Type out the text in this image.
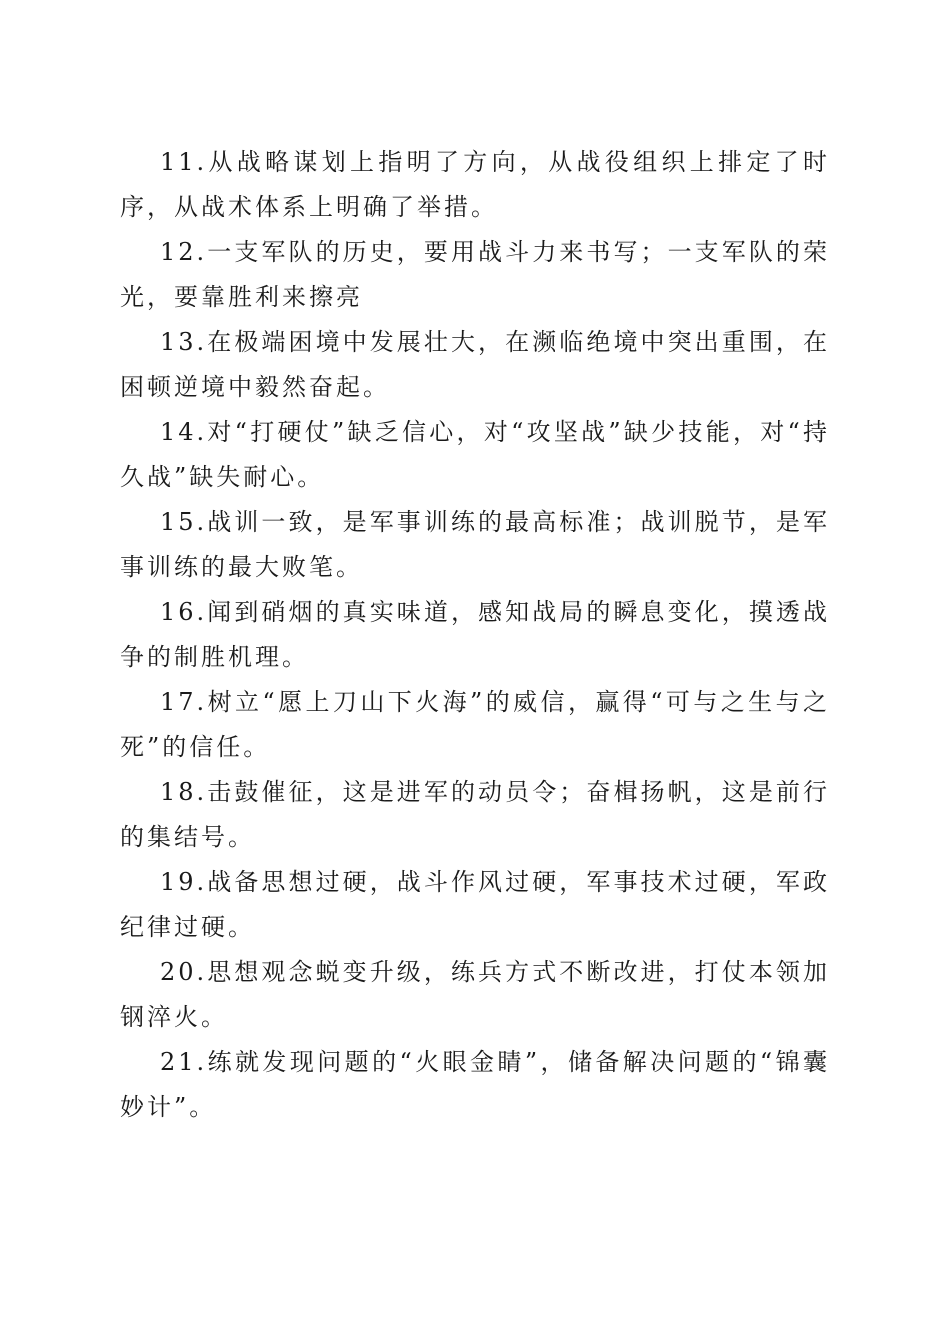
11.从战略谋划上指明了方向，从战役组织上排定了时序，从战术体系上明确了举措。

12.一支军队的历史，要用战斗力来书写；一支军队的荣光，要靠胜利来擦亮

13.在极端困境中发展壮大，在濒临绝境中突出重围，在困顿逆境中毅然奋起。

14.对“打硬仗”缺乏信心，对“攻坚战”缺少技能，对“持久战”缺失耐心。

15.战训一致，是军事训练的最高标准；战训脱节，是军事训练的最大败笔。

16.闻到硝烟的真实味道，感知战局的瞬息变化，摸透战争的制胜机理。

17.树立“愿上刀山下火海”的威信，赢得“可与之生与之死”的信任。

18.击鼓催征，这是进军的动员令；奋楫扬帆，这是前行的集结号。

19.战备思想过硬，战斗作风过硬，军事技术过硬，军政纪律过硬。

20.思想观念蜕变升级，练兵方式不断改进，打仗本领加钢淬火。

21.练就发现问题的“火眼金睛”，储备解决问题的“锦囊妙计”。
